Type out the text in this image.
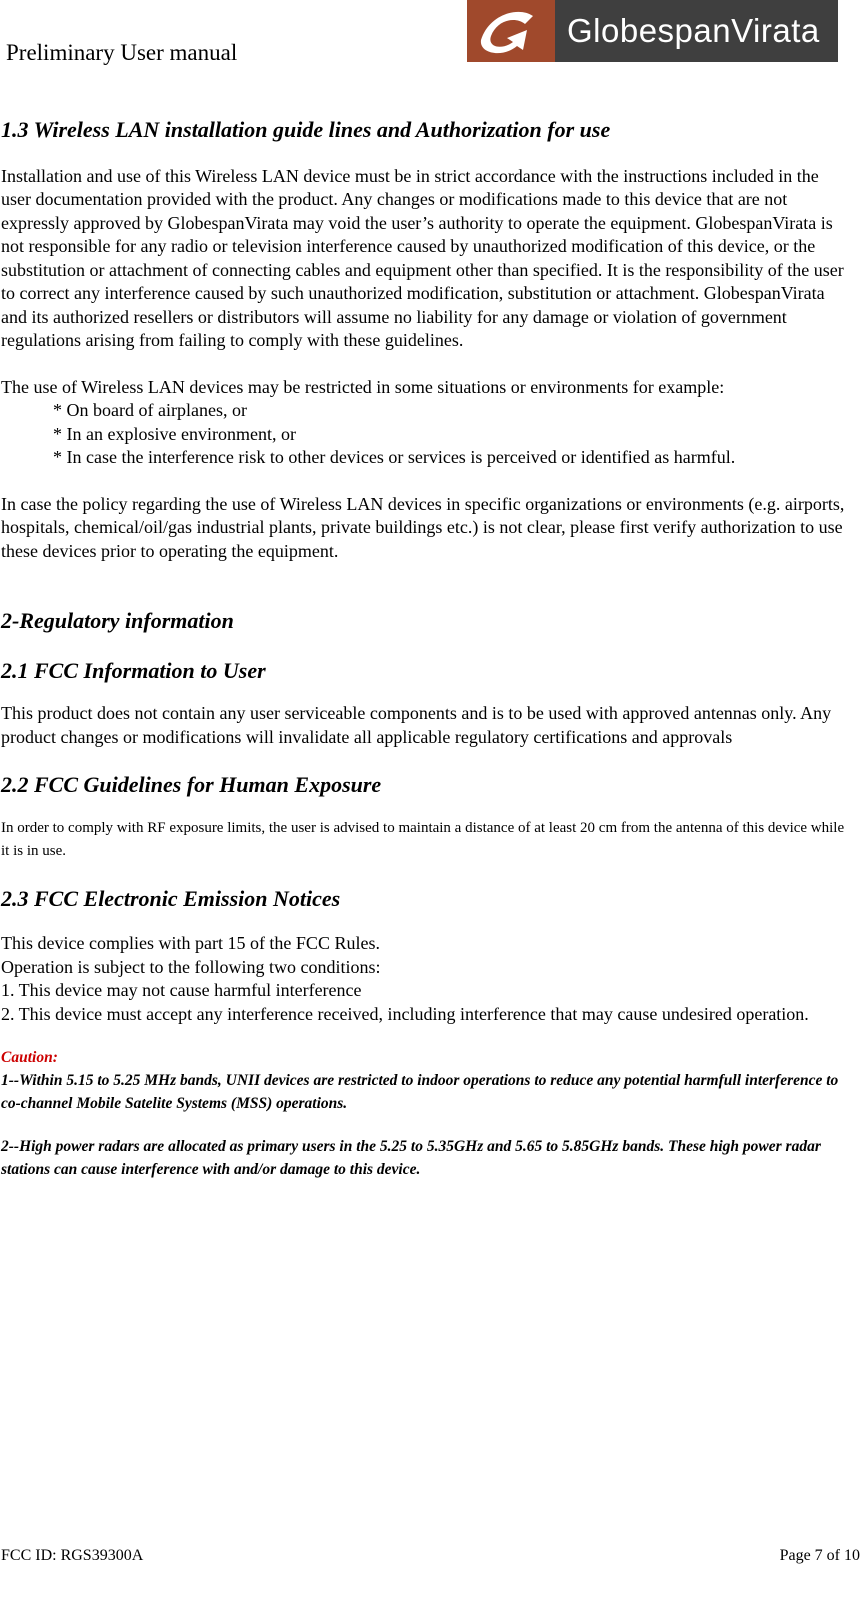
Preliminary User manual
GlobespanVirata
1.3 Wireless LAN installation guide lines and Authorization for use

Installation and use of this Wireless LAN device must be in strict accordance with the instructions included in the user documentation provided with the product. Any changes or modifications made to this device that are not expressly approved by GlobespanVirata may void the user’s authority to operate the equipment. GlobespanVirata is not responsible for any radio or television interference caused by unauthorized modification of this device, or the substitution or attachment of connecting cables and equipment other than specified. It is the responsibility of the user to correct any interference caused by such unauthorized modification, substitution or attachment. GlobespanVirata and its authorized resellers or distributors will assume no liability for any damage or violation of government regulations arising from failing to comply with these guidelines.

The use of Wireless LAN devices may be restricted in some situations or environments for example:

* On board of airplanes, or
* In an explosive environment, or
* In case the interference risk to other devices or services is perceived or identified as harmful.

In case the policy regarding the use of Wireless LAN devices in specific organizations or environments (e.g. airports, hospitals, chemical/oil/gas industrial plants, private buildings etc.) is not clear, please first verify authorization to use these devices prior to operating the equipment.

2-Regulatory information
2.1 FCC Information to User

This product does not contain any user serviceable components and is to be used with approved antennas only. Any product changes or modifications will invalidate all applicable regulatory certifications and approvals

2.2 FCC Guidelines for Human Exposure

In order to comply with RF exposure limits, the user is advised to maintain a distance of at least 20 cm from the antenna of this device while it is in use.

2.3 FCC Electronic Emission Notices
This device complies with part 15 of the FCC Rules.
Operation is subject to the following two conditions:
1. This device may not cause harmful interference
2. This device must accept any interference received, including interference that may cause undesired operation.

Caution:

1--Within 5.15 to 5.25 MHz bands, UNII devices are restricted to indoor operations to reduce any potential harmfull interference to co-channel Mobile Satelite Systems (MSS) operations.

2--High power radars are allocated as primary users in the 5.25 to 5.35GHz and 5.65 to 5.85GHz bands. These high power radar stations can cause interference with and/or damage to this device.

FCC ID: RGS39300A	Page 7 of 10
